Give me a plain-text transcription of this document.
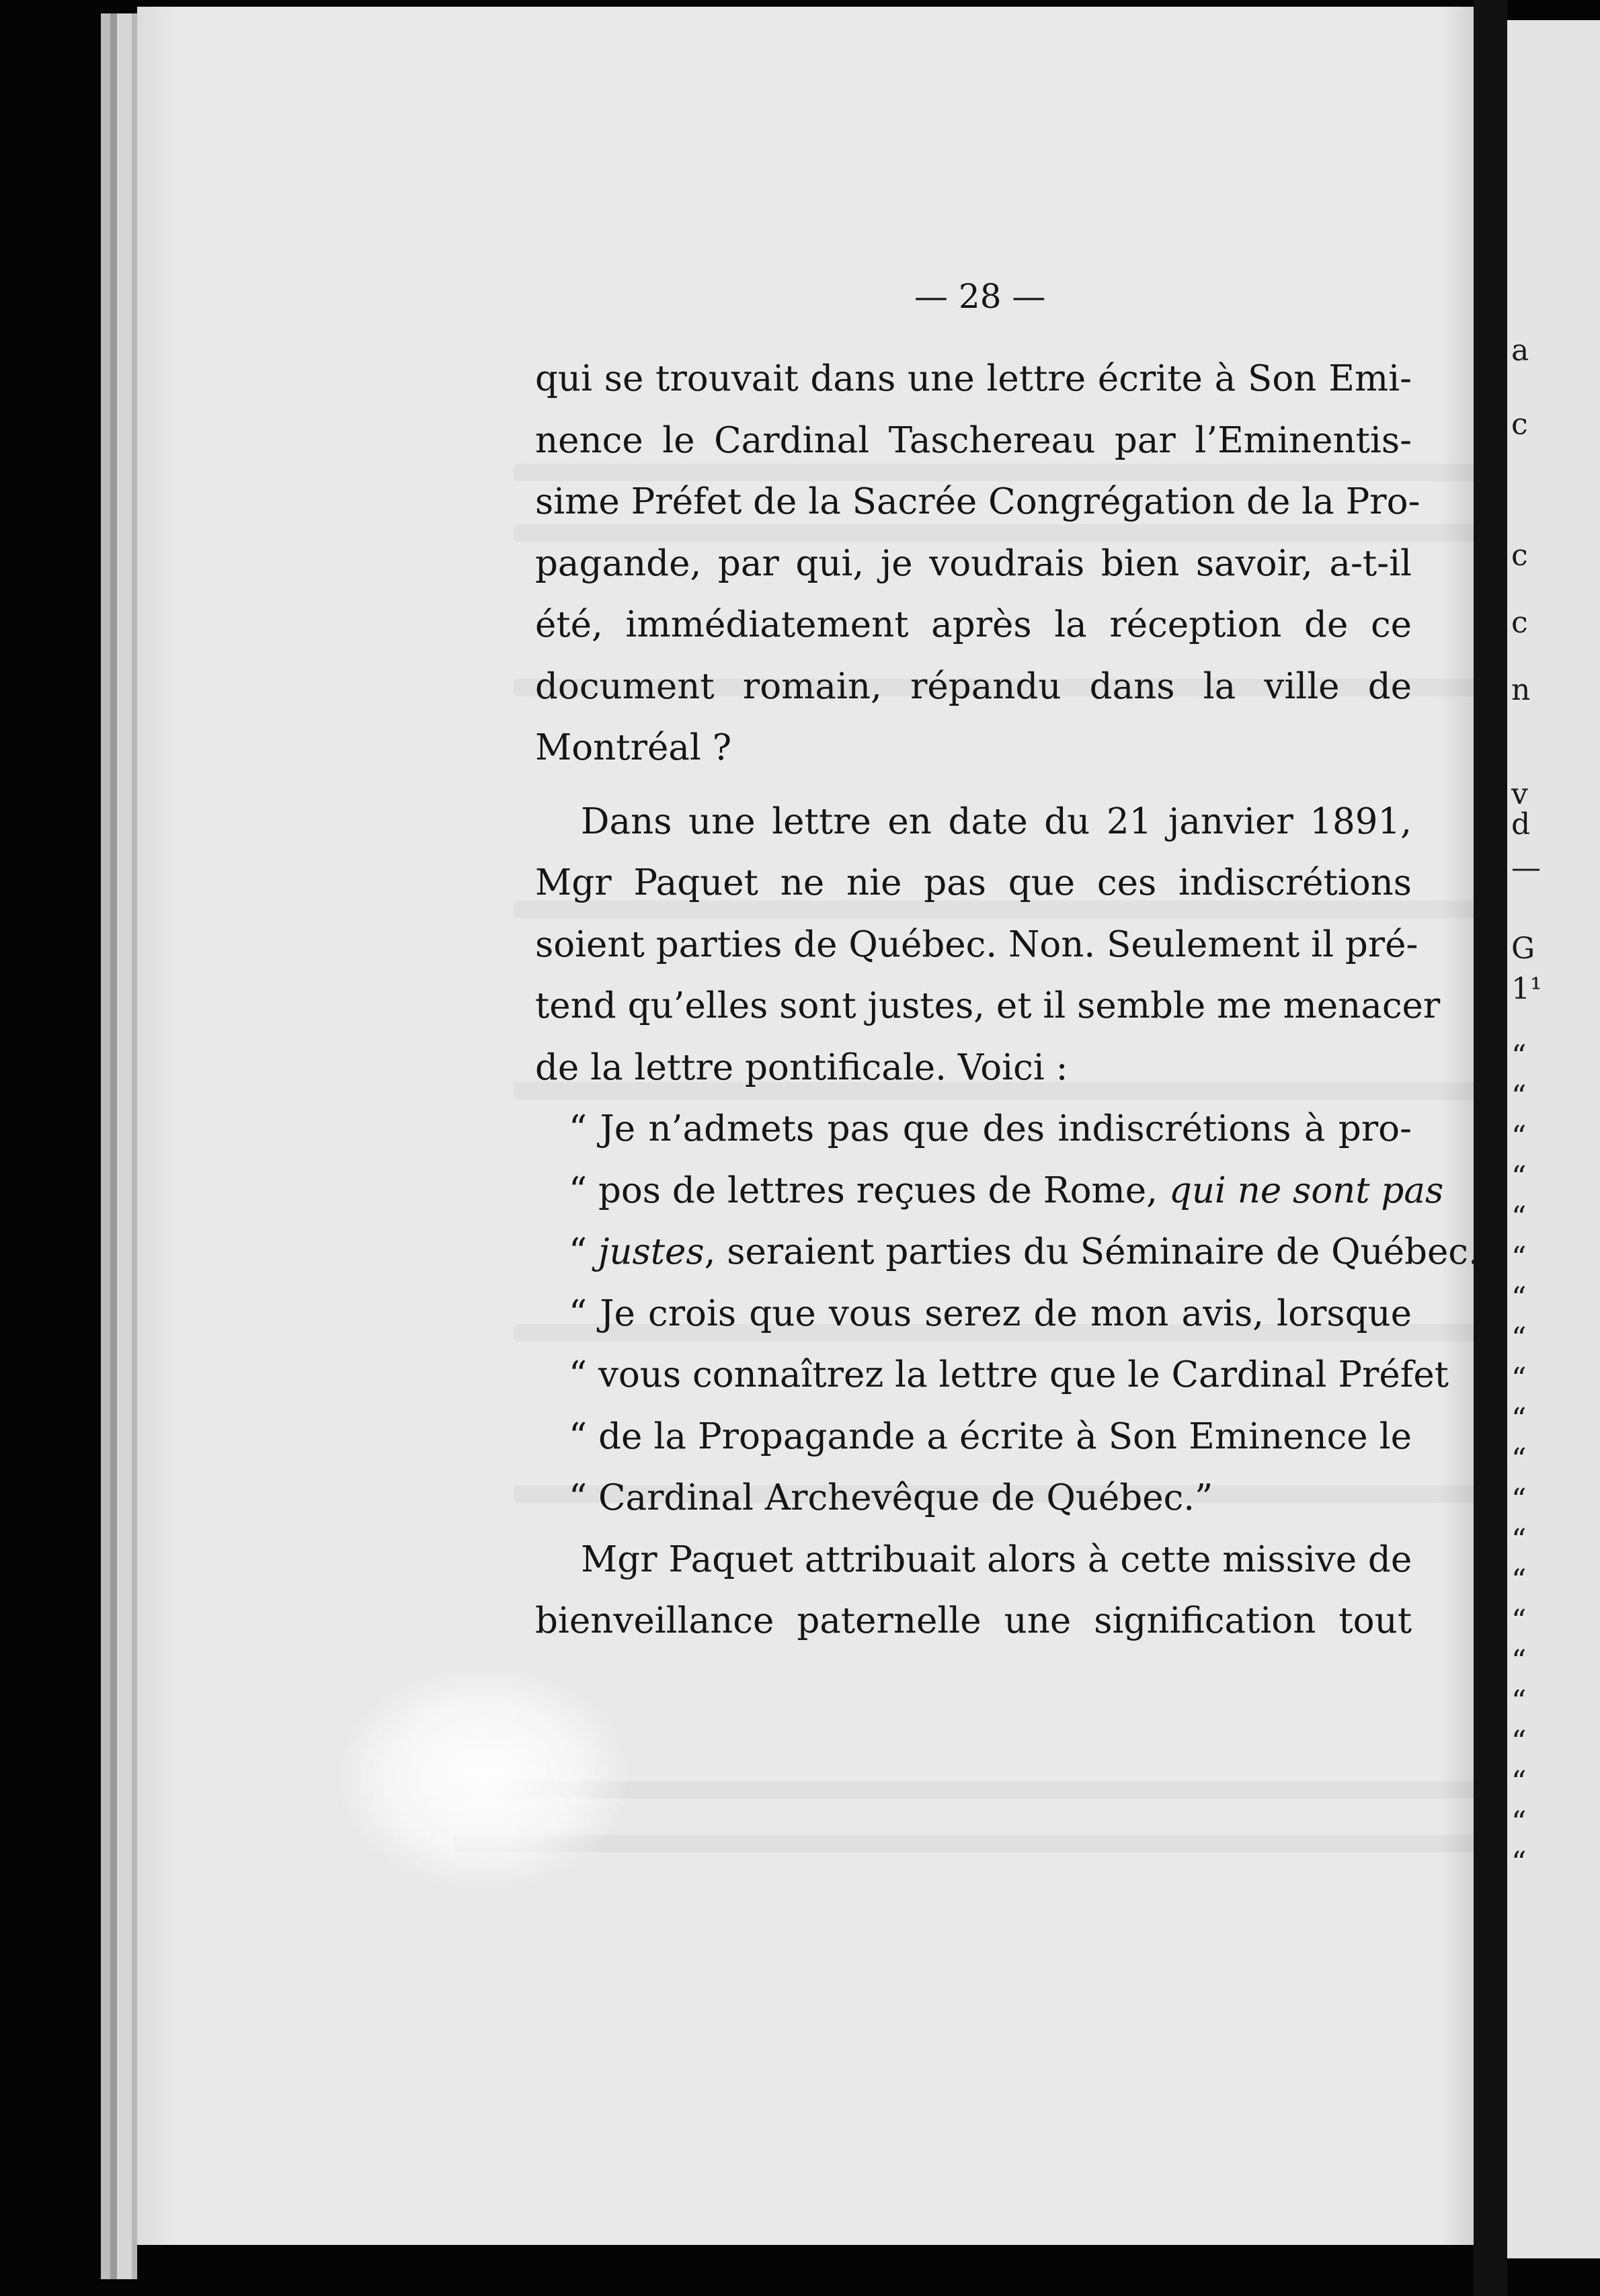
a
c
c
c
n
v
d
—
G
1¹
“
“
“
“
“
“
“
“
“
“
“
“
“
“
“
“
“
“
“
“
“
— 28 —
qui se trouvait dans une lettre écrite à Son Emi-
nence le Cardinal Taschereau par l’Eminentis-
sime Préfet de la Sacrée Congrégation de la Pro-
pagande, par qui, je voudrais bien savoir, a-t-il
été, immédiatement après la réception de ce
document romain, répandu dans la ville de
Montréal ?
Dans une lettre en date du 21 janvier 1891,
Mgr Paquet ne nie pas que ces indiscrétions
soient parties de Québec. Non. Seulement il pré-
tend qu’elles sont justes, et il semble me menacer
de la lettre pontificale. Voici :
“ Je n’admets pas que des indiscrétions à pro-
“ pos de lettres reçues de Rome, qui ne sont pas
“ justes, seraient parties du Séminaire de Québec.
“ Je crois que vous serez de mon avis, lorsque
“ vous connaîtrez la lettre que le Cardinal Préfet
“ de la Propagande a écrite à Son Eminence le
“ Cardinal Archevêque de Québec.”
Mgr Paquet attribuait alors à cette missive de
bienveillance paternelle une signification tout
